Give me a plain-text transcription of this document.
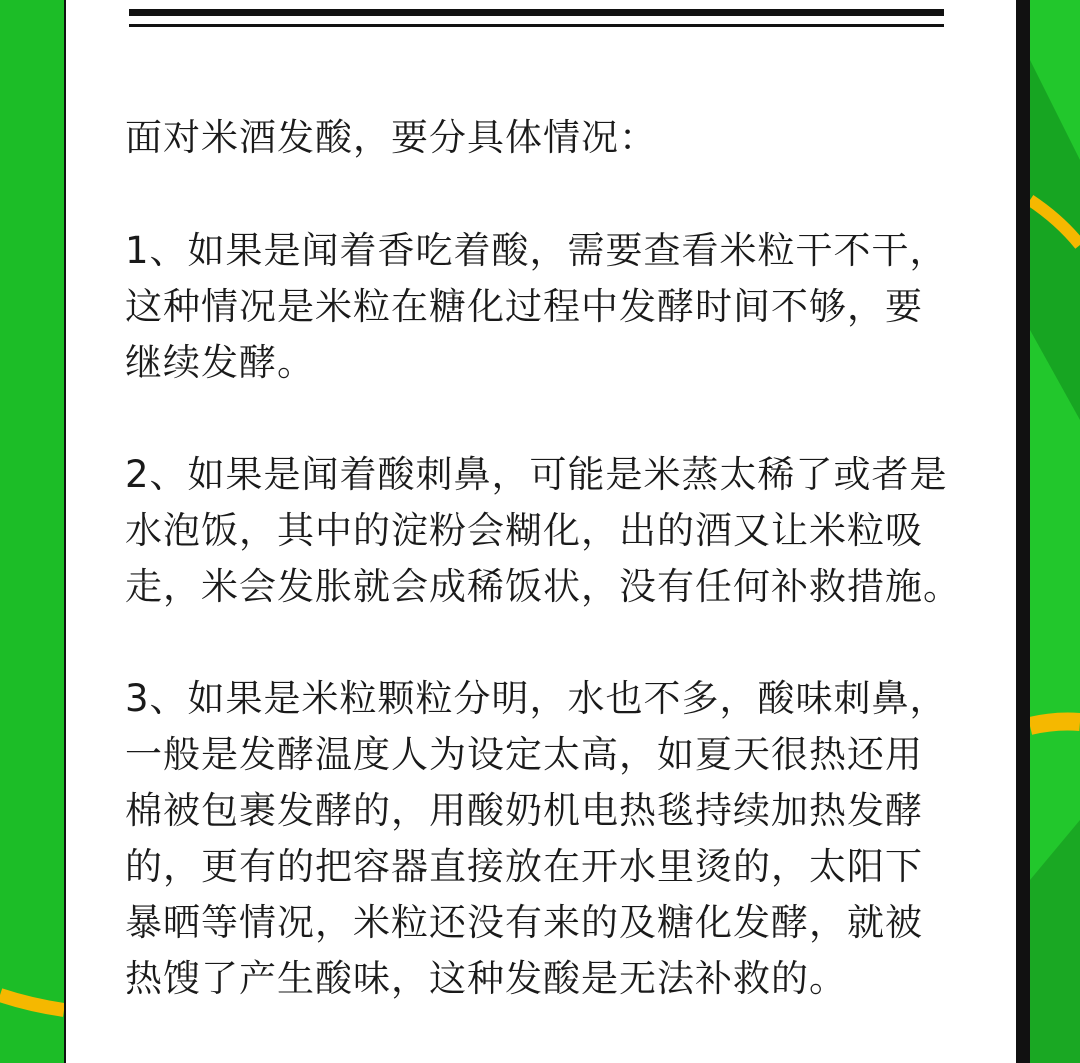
面对米酒发酸，要分具体情况：

1、如果是闻着香吃着酸，需要查看米粒干不干，
这种情况是米粒在糖化过程中发酵时间不够，要
继续发酵。

2、如果是闻着酸刺鼻，可能是米蒸太稀了或者是
水泡饭，其中的淀粉会糊化，出的酒又让米粒吸
走，米会发胀就会成稀饭状，没有任何补救措施。

3、如果是米粒颗粒分明，水也不多，酸味刺鼻，
一般是发酵温度人为设定太高，如夏天很热还用
棉被包裹发酵的，用酸奶机电热毯持续加热发酵
的，更有的把容器直接放在开水里烫的，太阳下
暴晒等情况，米粒还没有来的及糖化发酵，就被
热馊了产生酸味，这种发酸是无法补救的。
